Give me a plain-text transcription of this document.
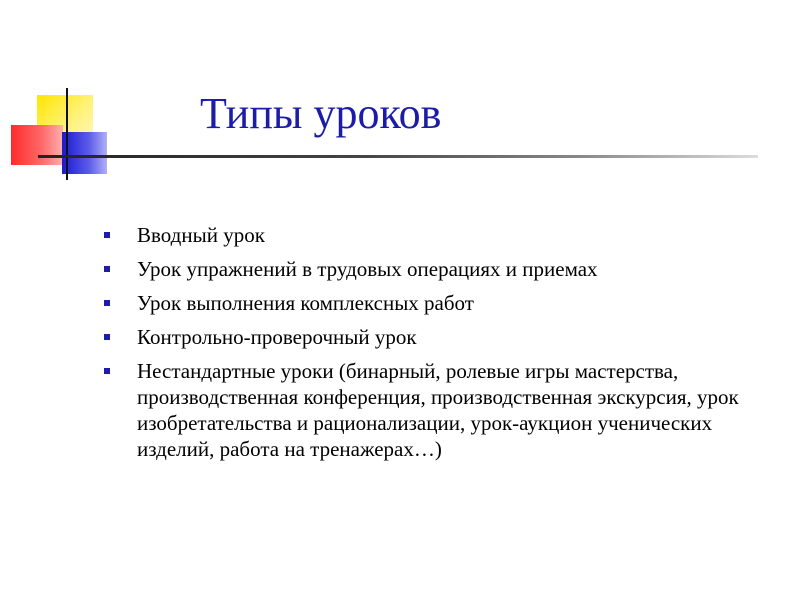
Типы уроков
Вводный урок
Урок упражнений в трудовых операциях и приемах
Урок выполнения комплексных работ
Контрольно-проверочный урок
Нестандартные уроки (бинарный, ролевые игры мастерства, производственная конференция, производственная экскурсия, урок изобретательства и рационализации, урок-аукцион ученических изделий, работа на тренажерах…)
